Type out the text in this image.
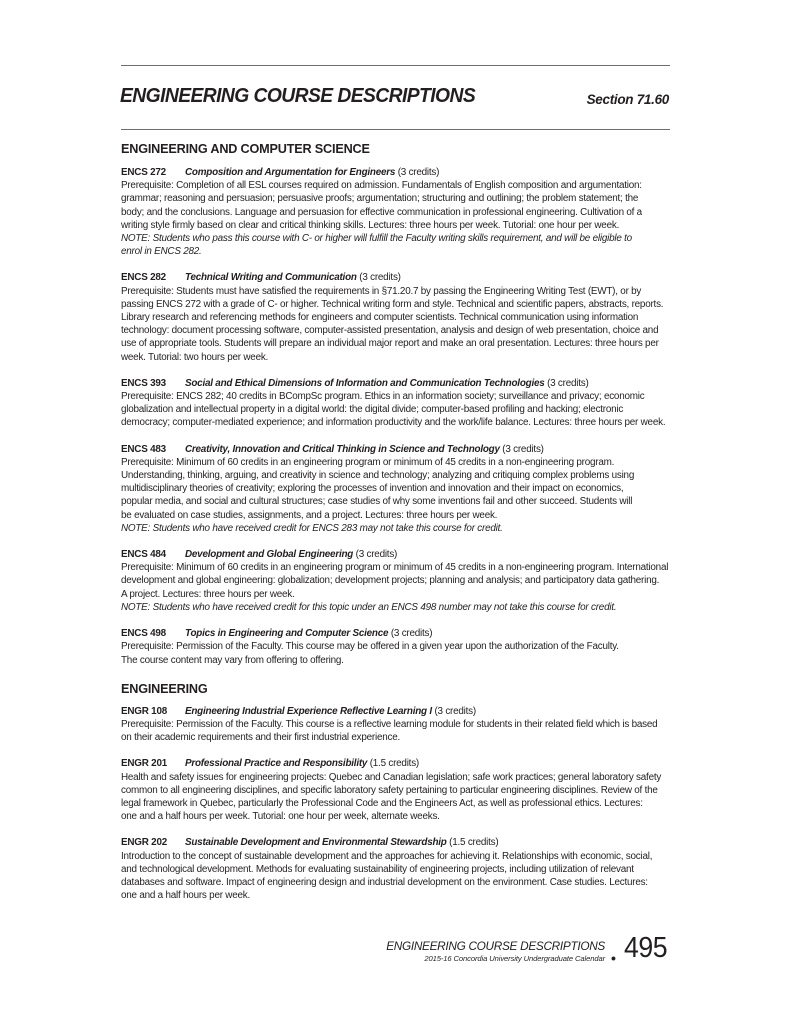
ENGINEERING COURSE DESCRIPTIONS	Section 71.60
ENGINEERING AND COMPUTER SCIENCE
ENCS 272 Composition and Argumentation for Engineers (3 credits)
Prerequisite: Completion of all ESL courses required on admission. Fundamentals of English composition and argumentation:
grammar; reasoning and persuasion; persuasive proofs; argumentation; structuring and outlining; the problem statement; the
body; and the conclusions. Language and persuasion for effective communication in professional engineering. Cultivation of a
writing style firmly based on clear and critical thinking skills. Lectures: three hours per week. Tutorial: one hour per week.
NOTE: Students who pass this course with C- or higher will fulfill the Faculty writing skills requirement, and will be eligible to
enrol in ENCS 282.
ENCS 282 Technical Writing and Communication (3 credits)
Prerequisite: Students must have satisfied the requirements in §71.20.7 by passing the Engineering Writing Test (EWT), or by
passing ENCS 272 with a grade of C- or higher. Technical writing form and style. Technical and scientific papers, abstracts, reports.
Library research and referencing methods for engineers and computer scientists. Technical communication using information
technology: document processing software, computer-assisted presentation, analysis and design of web presentation, choice and
use of appropriate tools. Students will prepare an individual major report and make an oral presentation. Lectures: three hours per
week. Tutorial: two hours per week.
ENCS 393 Social and Ethical Dimensions of Information and Communication Technologies (3 credits)
Prerequisite: ENCS 282; 40 credits in BCompSc program. Ethics in an information society; surveillance and privacy; economic
globalization and intellectual property in a digital world: the digital divide; computer-based profiling and hacking; electronic
democracy; computer-mediated experience; and information productivity and the work/life balance. Lectures: three hours per week.
ENCS 483 Creativity, Innovation and Critical Thinking in Science and Technology (3 credits)
Prerequisite: Minimum of 60 credits in an engineering program or minimum of 45 credits in a non-engineering program.
Understanding, thinking, arguing, and creativity in science and technology; analyzing and critiquing complex problems using
multidisciplinary theories of creativity; exploring the processes of invention and innovation and their impact on economics,
popular media, and social and cultural structures; case studies of why some inventions fail and other succeed. Students will
be evaluated on case studies, assignments, and a project. Lectures: three hours per week.
NOTE: Students who have received credit for ENCS 283 may not take this course for credit.
ENCS 484 Development and Global Engineering (3 credits)
Prerequisite: Minimum of 60 credits in an engineering program or minimum of 45 credits in a non-engineering program. International
development and global engineering: globalization; development projects; planning and analysis; and participatory data gathering.
A project. Lectures: three hours per week.
NOTE: Students who have received credit for this topic under an ENCS 498 number may not take this course for credit.
ENCS 498 Topics in Engineering and Computer Science (3 credits)
Prerequisite: Permission of the Faculty. This course may be offered in a given year upon the authorization of the Faculty.
The course content may vary from offering to offering.
ENGINEERING
ENGR 108 Engineering Industrial Experience Reflective Learning I (3 credits)
Prerequisite: Permission of the Faculty. This course is a reflective learning module for students in their related field which is based
on their academic requirements and their first industrial experience.
ENGR 201 Professional Practice and Responsibility (1.5 credits)
Health and safety issues for engineering projects: Quebec and Canadian legislation; safe work practices; general laboratory safety
common to all engineering disciplines, and specific laboratory safety pertaining to particular engineering disciplines. Review of the
legal framework in Quebec, particularly the Professional Code and the Engineers Act, as well as professional ethics. Lectures:
one and a half hours per week. Tutorial: one hour per week, alternate weeks.
ENGR 202 Sustainable Development and Environmental Stewardship (1.5 credits)
Introduction to the concept of sustainable development and the approaches for achieving it. Relationships with economic, social,
and technological development. Methods for evaluating sustainability of engineering projects, including utilization of relevant
databases and software. Impact of engineering design and industrial development on the environment. Case studies. Lectures:
one and a half hours per week.
ENGINEERING COURSE DESCRIPTIONS
2015-16 Concordia University Undergraduate Calendar • 495
